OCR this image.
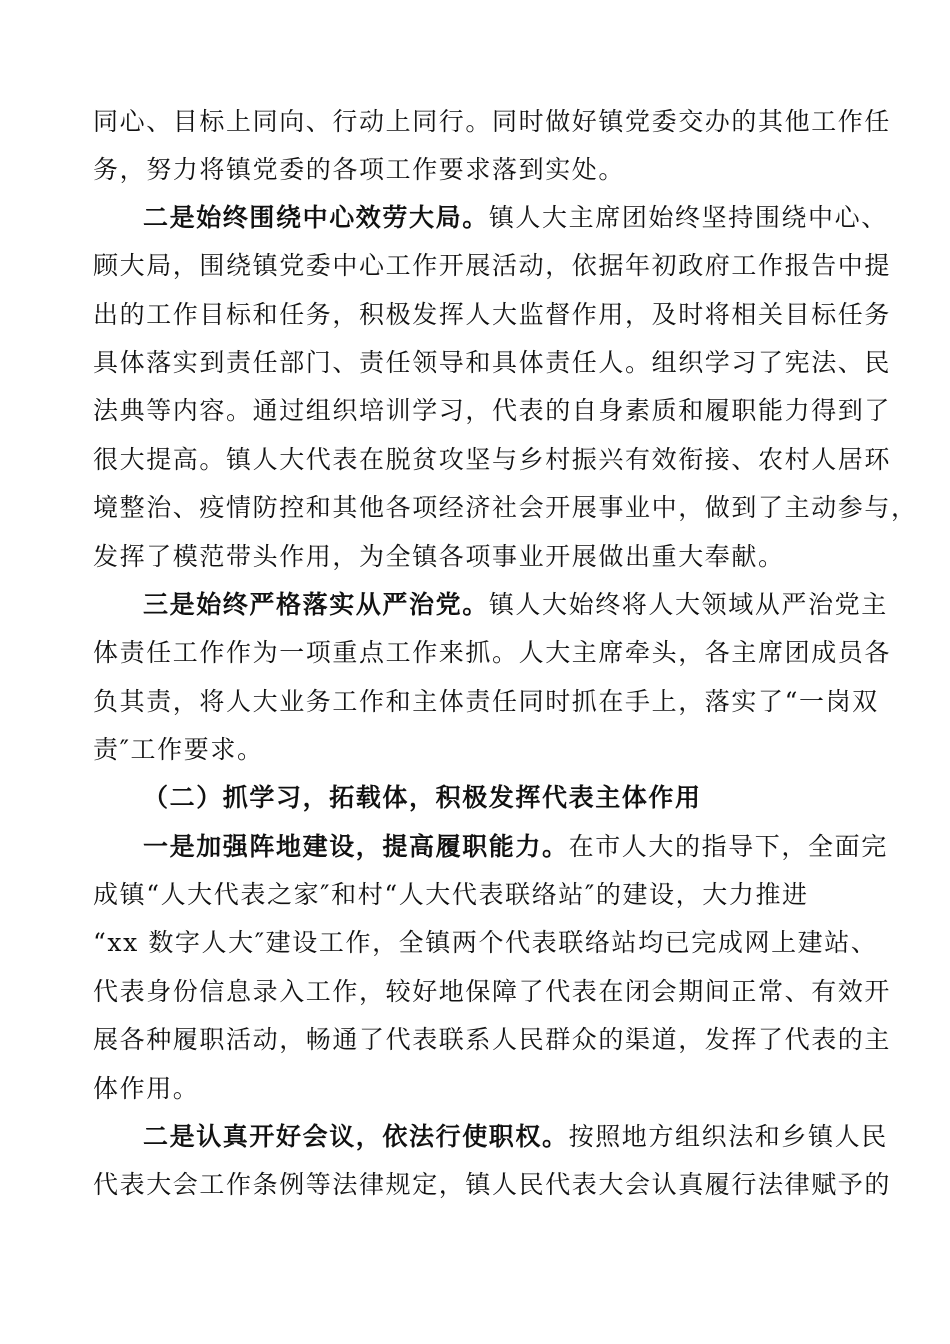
同心、目标上同向、行动上同行。同时做好镇党委交办的其他工作任
务，努力将镇党委的各项工作要求落到实处。
二是始终围绕中心效劳大局。镇人大主席团始终坚持围绕中心、
顾大局，围绕镇党委中心工作开展活动，依据年初政府工作报告中提
出的工作目标和任务，积极发挥人大监督作用，及时将相关目标任务
具体落实到责任部门、责任领导和具体责任人。组织学习了宪法、民
法典等内容。通过组织培训学习，代表的自身素质和履职能力得到了
很大提高。镇人大代表在脱贫攻坚与乡村振兴有效衔接、农村人居环
境整治、疫情防控和其他各项经济社会开展事业中，做到了主动参与，
发挥了模范带头作用，为全镇各项事业开展做出重大奉献。
三是始终严格落实从严治党。镇人大始终将人大领域从严治党主
体责任工作作为一项重点工作来抓。人大主席牵头，各主席团成员各
负其责，将人大业务工作和主体责任同时抓在手上，落实了“一岗双
责″工作要求。
（二）抓学习，拓载体，积极发挥代表主体作用
一是加强阵地建设，提高履职能力。在市人大的指导下，全面完
成镇“人大代表之家″和村“人大代表联络站″的建设，大力推进
“xx 数字人大″建设工作，全镇两个代表联络站均已完成网上建站、
代表身份信息录入工作，较好地保障了代表在闭会期间正常、有效开
展各种履职活动，畅通了代表联系人民群众的渠道，发挥了代表的主
体作用。
二是认真开好会议，依法行使职权。按照地方组织法和乡镇人民
代表大会工作条例等法律规定，镇人民代表大会认真履行法律赋予的
